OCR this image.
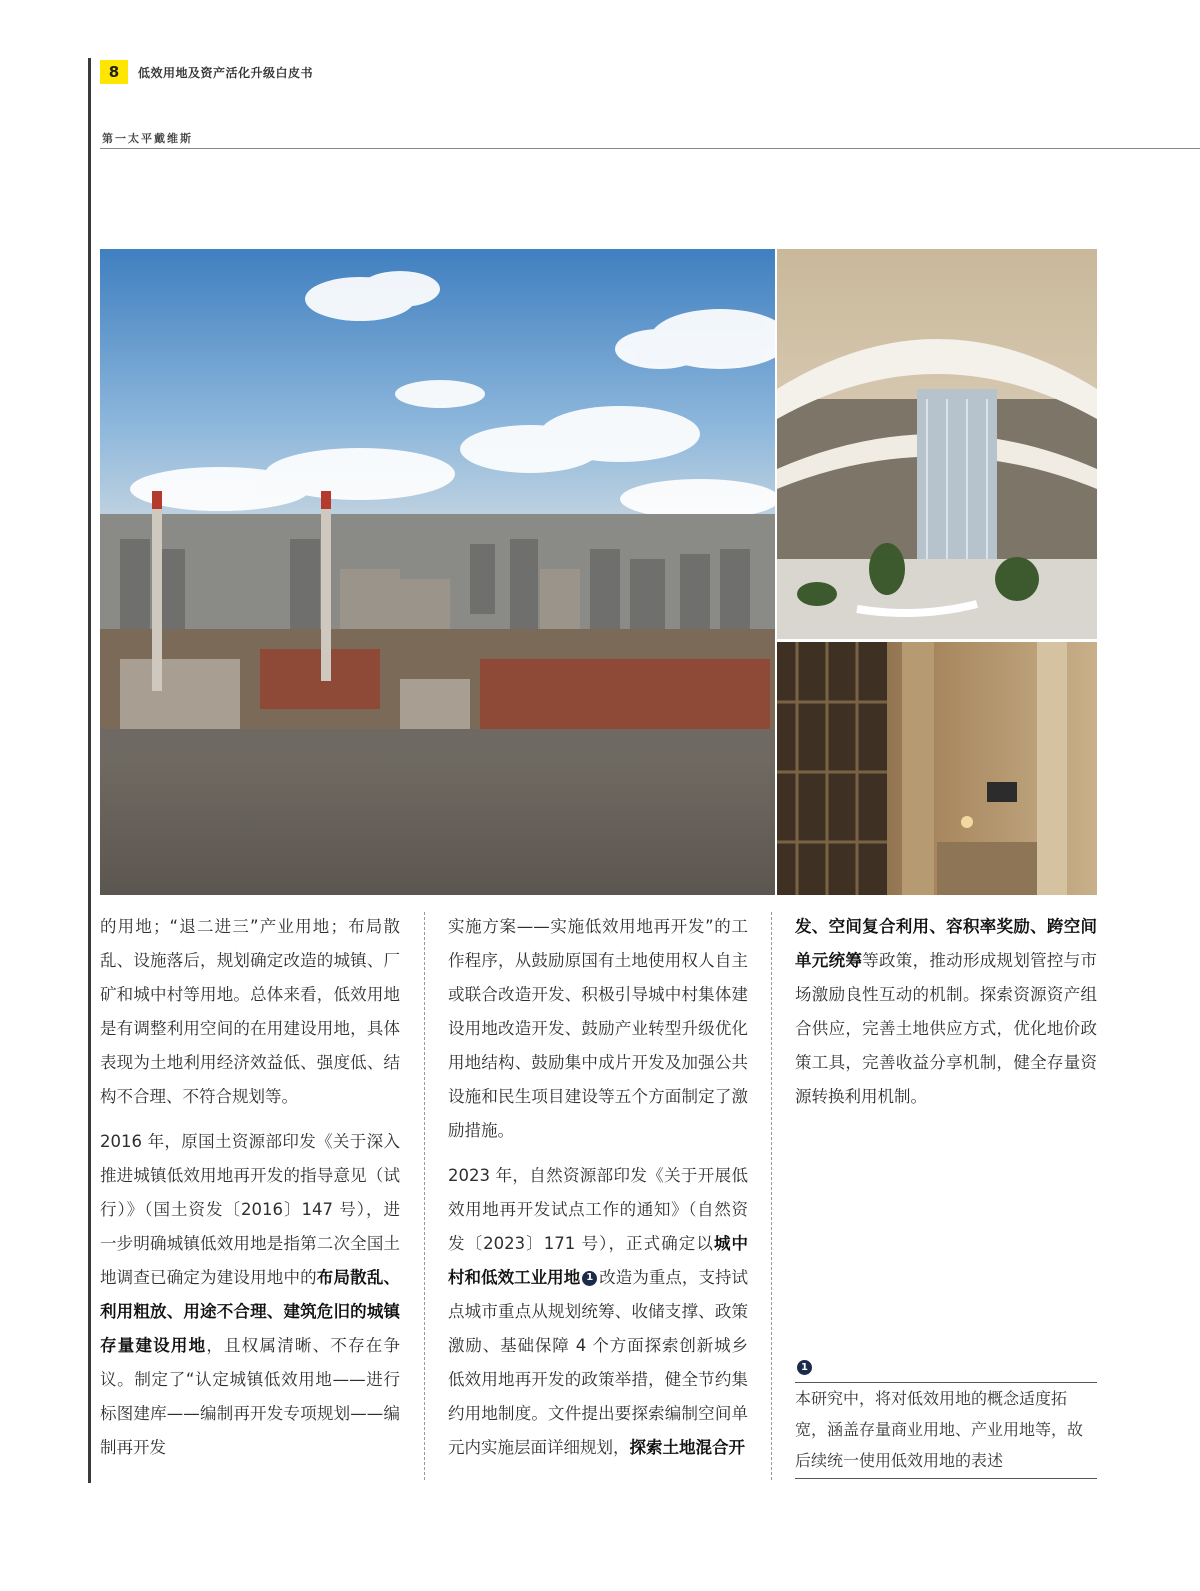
8	低效用地及资产活化升级白皮书
第一太平戴维斯

的用地；“退二进三”产业用地；布局散乱、设施落后，规划确定改造的城镇、厂矿和城中村等用地。总体来看，低效用地是有调整利用空间的在用建设用地，具体表现为土地利用经济效益低、强度低、结构不合理、不符合规划等。

2016 年，原国土资源部印发《关于深入推进城镇低效用地再开发的指导意见（试行）》（国土资发〔2016〕147 号），进一步明确城镇低效用地是指第二次全国土地调查已确定为建设用地中的布局散乱、利用粗放、用途不合理、建筑危旧的城镇存量建设用地，且权属清晰、不存在争议。制定了“认定城镇低效用地——进行标图建库——编制再开发专项规划——编制再开发

实施方案——实施低效用地再开发”的工作程序，从鼓励原国有土地使用权人自主或联合改造开发、积极引导城中村集体建设用地改造开发、鼓励产业转型升级优化用地结构、鼓励集中成片开发及加强公共设施和民生项目建设等五个方面制定了激励措施。

2023 年，自然资源部印发《关于开展低效用地再开发试点工作的通知》（自然资发〔2023〕171 号），正式确定以城中村和低效工业用地 1 改造为重点，支持试点城市重点从规划统筹、收储支撑、政策激励、基础保障 4 个方面探索创新城乡低效用地再开发的政策举措，健全节约集约用地制度。文件提出要探索编制空间单元内实施层面详细规划，探索土地混合开

发、空间复合利用、容积率奖励、跨空间单元统筹等政策，推动形成规划管控与市场激励良性互动的机制。探索资源资产组合供应，完善土地供应方式，优化地价政策工具，完善收益分享机制，健全存量资源转换利用机制。

1
本研究中，将对低效用地的概念适度拓宽，涵盖存量商业用地、产业用地等，故后续统一使用低效用地的表述
